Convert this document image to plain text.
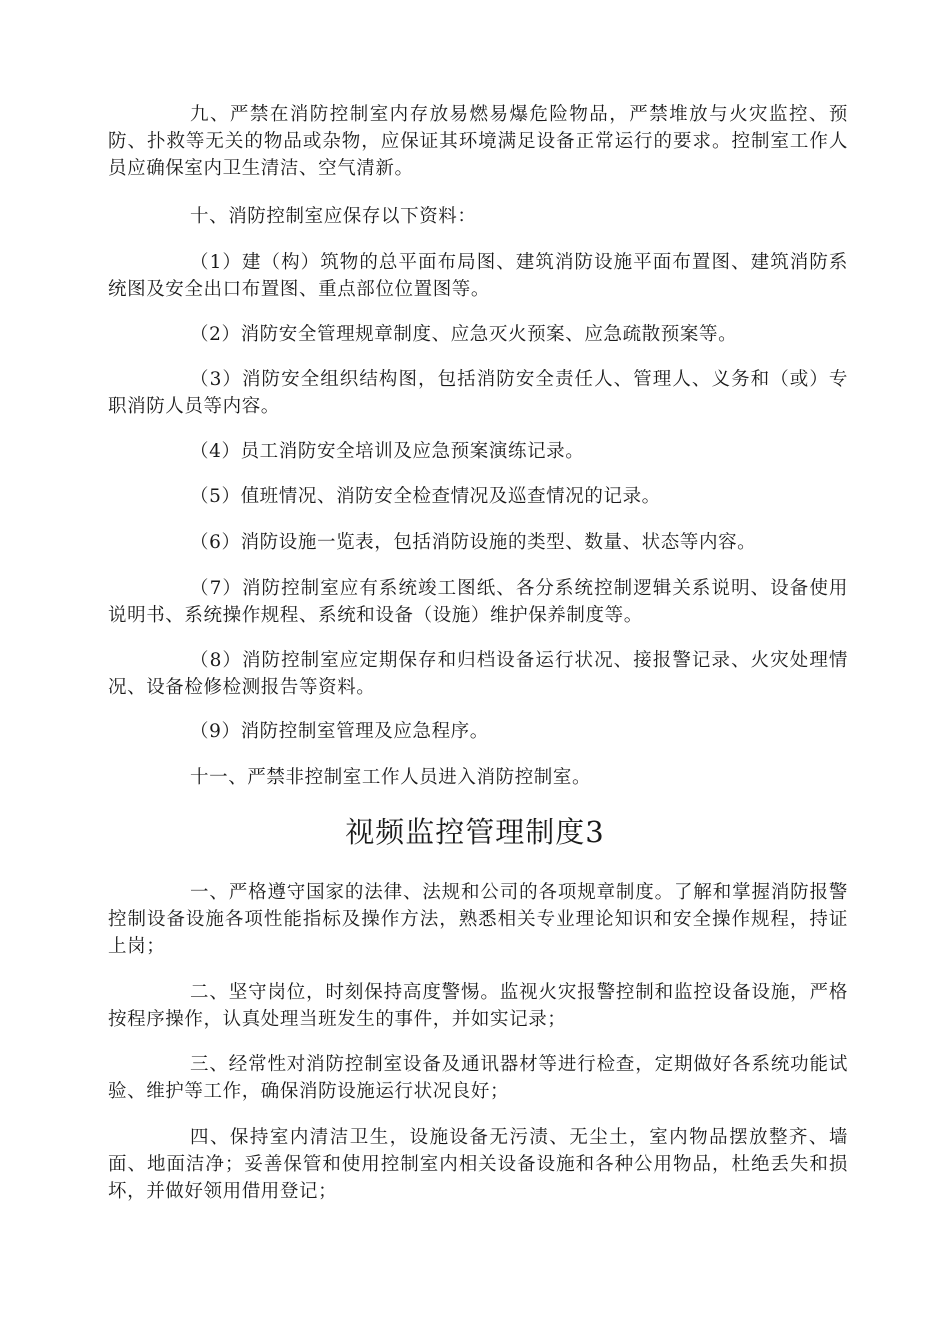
九、严禁在消防控制室内存放易燃易爆危险物品，严禁堆放与火灾监控、预防、扑救等无关的物品或杂物，应保证其环境满足设备正常运行的要求。控制室工作人员应确保室内卫生清洁、空气清新。

十、消防控制室应保存以下资料：

（1）建（构）筑物的总平面布局图、建筑消防设施平面布置图、建筑消防系统图及安全出口布置图、重点部位位置图等。

（2）消防安全管理规章制度、应急灭火预案、应急疏散预案等。

（3）消防安全组织结构图，包括消防安全责任人、管理人、义务和（或）专职消防人员等内容。

（4）员工消防安全培训及应急预案演练记录。

（5）值班情况、消防安全检查情况及巡查情况的记录。

（6）消防设施一览表，包括消防设施的类型、数量、状态等内容。

（7）消防控制室应有系统竣工图纸、各分系统控制逻辑关系说明、设备使用说明书、系统操作规程、系统和设备（设施）维护保养制度等。

（8）消防控制室应定期保存和归档设备运行状况、接报警记录、火灾处理情况、设备检修检测报告等资料。

（9）消防控制室管理及应急程序。

十一、严禁非控制室工作人员进入消防控制室。

视频监控管理制度3

一、严格遵守国家的法律、法规和公司的各项规章制度。了解和掌握消防报警控制设备设施各项性能指标及操作方法，熟悉相关专业理论知识和安全操作规程，持证上岗；

二、坚守岗位，时刻保持高度警惕。监视火灾报警控制和监控设备设施，严格按程序操作，认真处理当班发生的事件，并如实记录；

三、经常性对消防控制室设备及通讯器材等进行检查，定期做好各系统功能试验、维护等工作，确保消防设施运行状况良好；

四、保持室内清洁卫生，设施设备无污渍、无尘土，室内物品摆放整齐、墙面、地面洁净；妥善保管和使用控制室内相关设备设施和各种公用物品，杜绝丢失和损坏，并做好领用借用登记；
